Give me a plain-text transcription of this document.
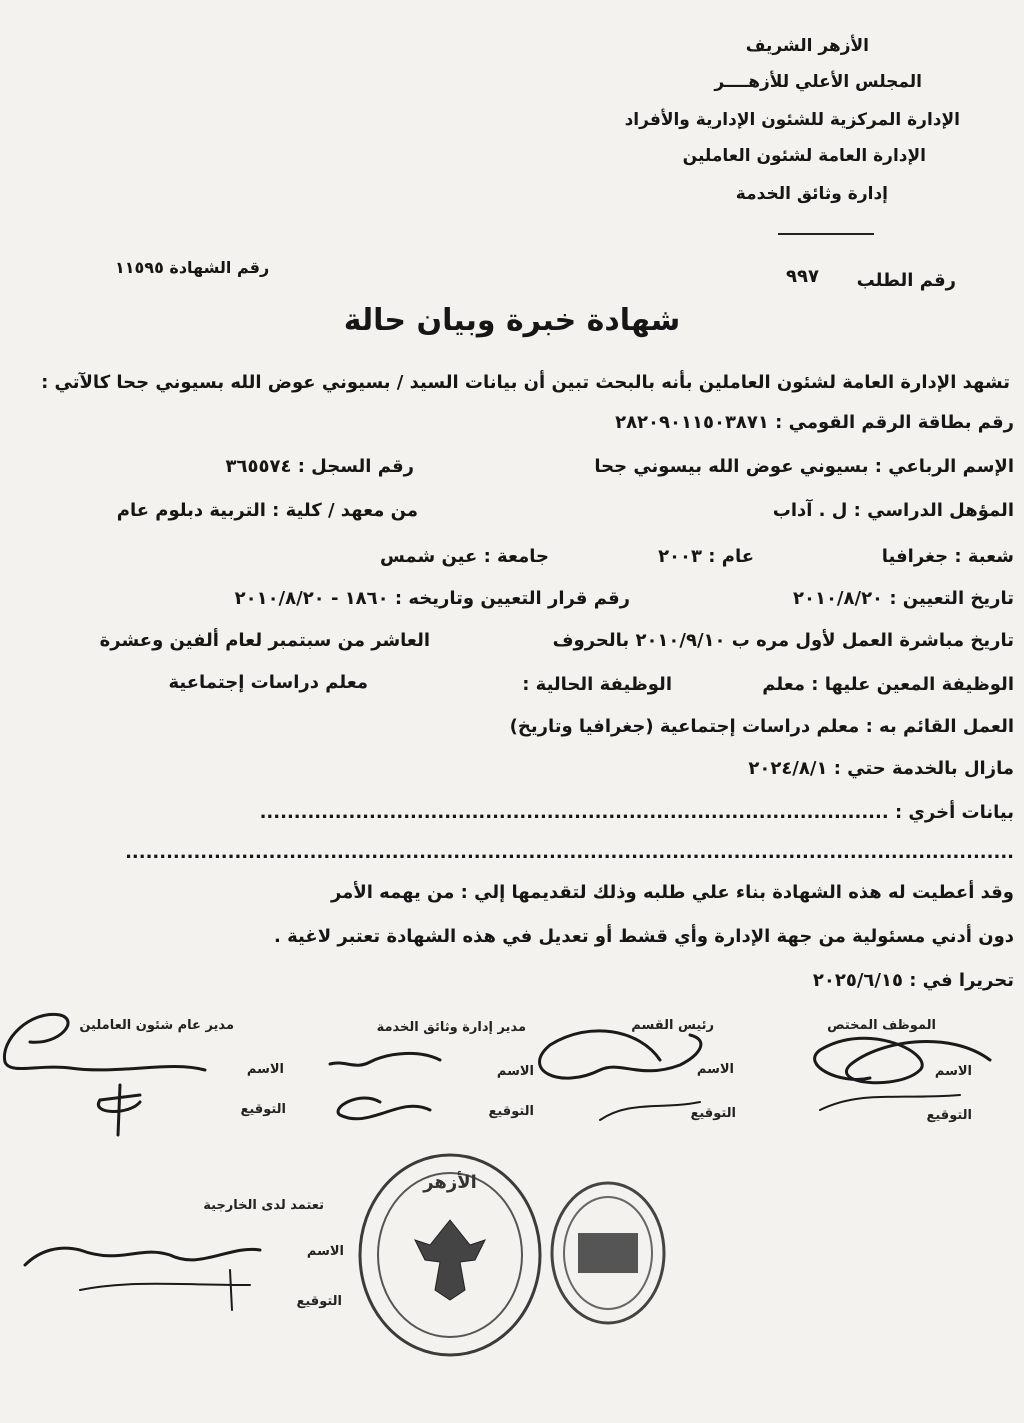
الأزهر الشريف
المجلس الأعلي للأزهــــر
الإدارة المركزية للشئون الإدارية والأفراد
الإدارة العامة لشئون العاملين
إدارة وثائق الخدمة
رقم الشهادة ١١٥٩٥
رقم الطلب
٩٩٧
شهادة خبرة وبيان حالة
تشهد الإدارة العامة لشئون العاملين بأنه بالبحث تبين أن بيانات السيد / بسيوني عوض الله بسيوني جحا كالآتي :
رقم بطاقة الرقم القومي : ٢٨٢٠٩٠١١٥٠٣٨٧١
الإسم الرباعي : بسيوني عوض الله بيسوني جحا
رقم السجل : ٣٦٥٥٧٤
المؤهل الدراسي : ل . آداب
من معهد / كلية : التربية دبلوم عام
شعبة : جغرافيا
عام : ٢٠٠٣
جامعة : عين شمس
تاريخ التعيين : ٢٠١٠/٨/٢٠
رقم قرار التعيين وتاريخه : ١٨٦٠ - ٢٠١٠/٨/٢٠
تاريخ مباشرة العمل لأول مره ب ٢٠١٠/٩/١٠ بالحروف
العاشر من سبتمبر لعام ألفين وعشرة
الوظيفة المعين عليها : معلم
الوظيفة الحالية :
معلم دراسات إجتماعية
العمل القائم به : معلم دراسات إجتماعية (جغرافيا وتاريخ)
مازال بالخدمة حتي : ٢٠٢٤/٨/١
بيانات أخري : ............................................................................................
..................................................................................................................................
وقد أعطيت له هذه الشهادة بناء علي طلبه وذلك لتقديمها إلي : من يهمه الأمر
دون أدني مسئولية من جهة الإدارة وأي قشط أو تعديل في هذه الشهادة تعتبر لاغية .
تحريرا في : ٢٠٢٥/٦/١٥
الموظف المختص
رئيس القسم
مدير إدارة وثائق الخدمة
مدير عام شئون العاملين
الاسم
الاسم
الاسم
الاسم
التوقيع
التوقيع
التوقيع
التوقيع
تعتمد لدى الخارجية
الاسم
التوقيع
الأزهر
